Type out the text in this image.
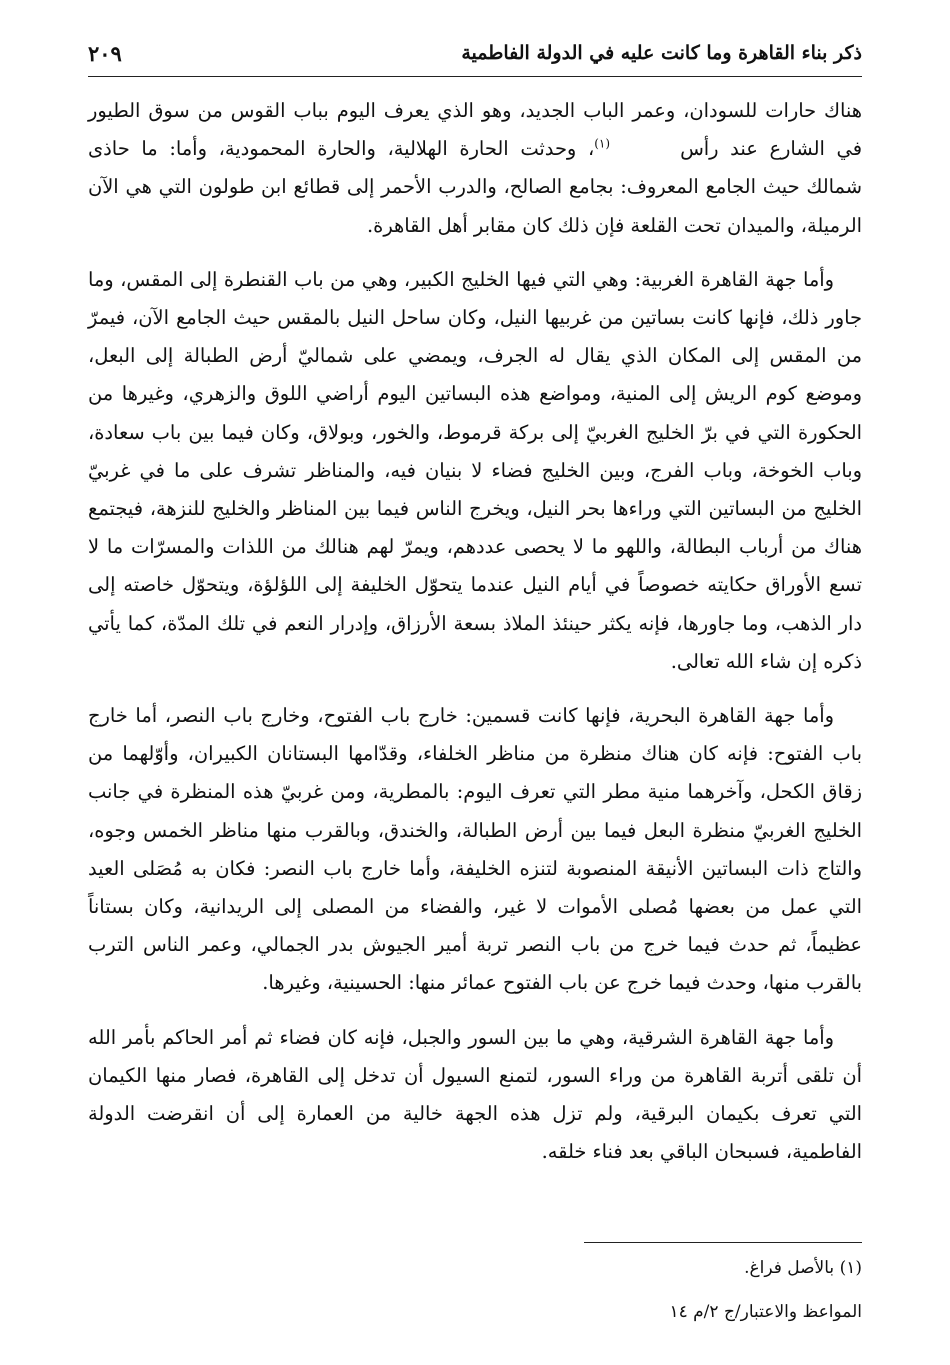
ذكر بناء القاهرة وما كانت عليه في الدولة الفاطمية
٢٠٩

هناك حارات للسودان، وعمر الباب الجديد، وهو الذي يعرف اليوم بباب القوس من سوق الطيور في الشارع عند رأس$^{(١)}$، وحدثت الحارة الهلالية، والحارة المحمودية، وأما: ما حاذى شمالك حيث الجامع المعروف: بجامع الصالح، والدرب الأحمر إلى قطائع ابن طولون التي هي الآن الرميلة، والميدان تحت القلعة فإن ذلك كان مقابر أهل القاهرة.

وأما جهة القاهرة الغربية: وهي التي فيها الخليج الكبير، وهي من باب القنطرة إلى المقس، وما جاور ذلك، فإنها كانت بساتين من غربيها النيل، وكان ساحل النيل بالمقس حيث الجامع الآن، فيمرّ من المقس إلى المكان الذي يقال له الجرف، ويمضي على شماليّ أرض الطبالة إلى البعل، وموضع كوم الريش إلى المنية، ومواضع هذه البساتين اليوم أراضي اللوق والزهري، وغيرها من الحكورة التي في برّ الخليج الغربيّ إلى بركة قرموط، والخور، وبولاق، وكان فيما بين باب سعادة، وباب الخوخة، وباب الفرج، وبين الخليج فضاء لا بنيان فيه، والمناظر تشرف على ما في غربيّ الخليج من البساتين التي وراءها بحر النيل، ويخرج الناس فيما بين المناظر والخليج للنزهة، فيجتمع هناك من أرباب البطالة، واللهو ما لا يحصى عددهم، ويمرّ لهم هنالك من اللذات والمسرّات ما لا تسع الأوراق حكايته خصوصاً في أيام النيل عندما يتحوّل الخليفة إلى اللؤلؤة، ويتحوّل خاصته إلى دار الذهب، وما جاورها، فإنه يكثر حينئذ الملاذ بسعة الأرزاق، وإدرار النعم في تلك المدّة، كما يأتي ذكره إن شاء الله تعالى.

وأما جهة القاهرة البحرية، فإنها كانت قسمين: خارج باب الفتوح، وخارج باب النصر، أما خارج باب الفتوح: فإنه كان هناك منظرة من مناظر الخلفاء، وقدّامها البستانان الكبيران، وأوّلهما من زقاق الكحل، وآخرهما منية مطر التي تعرف اليوم: بالمطرية، ومن غربيّ هذه المنظرة في جانب الخليج الغربيّ منظرة البعل فيما بين أرض الطبالة، والخندق، وبالقرب منها مناظر الخمس وجوه، والتاج ذات البساتين الأنيقة المنصوبة لتنزه الخليفة، وأما خارج باب النصر: فكان به مُصَلى العيد التي عمل من بعضها مُصلى الأموات لا غير، والفضاء من المصلى إلى الريدانية، وكان بستاناً عظيماً، ثم حدث فيما خرج من باب النصر تربة أمير الجيوش بدر الجمالي، وعمر الناس الترب بالقرب منها، وحدث فيما خرج عن باب الفتوح عمائر منها: الحسينية، وغيرها.

وأما جهة القاهرة الشرقية، وهي ما بين السور والجبل، فإنه كان فضاء ثم أمر الحاكم بأمر الله أن تلقى أتربة القاهرة من وراء السور، لتمنع السيول أن تدخل إلى القاهرة، فصار منها الكيمان التي تعرف بكيمان البرقية، ولم تزل هذه الجهة خالية من العمارة إلى أن انقرضت الدولة الفاطمية، فسبحان الباقي بعد فناء خلقه.

(١) بالأصل فراغ.
المواعظ والاعتبار/ج ٢/م ١٤
